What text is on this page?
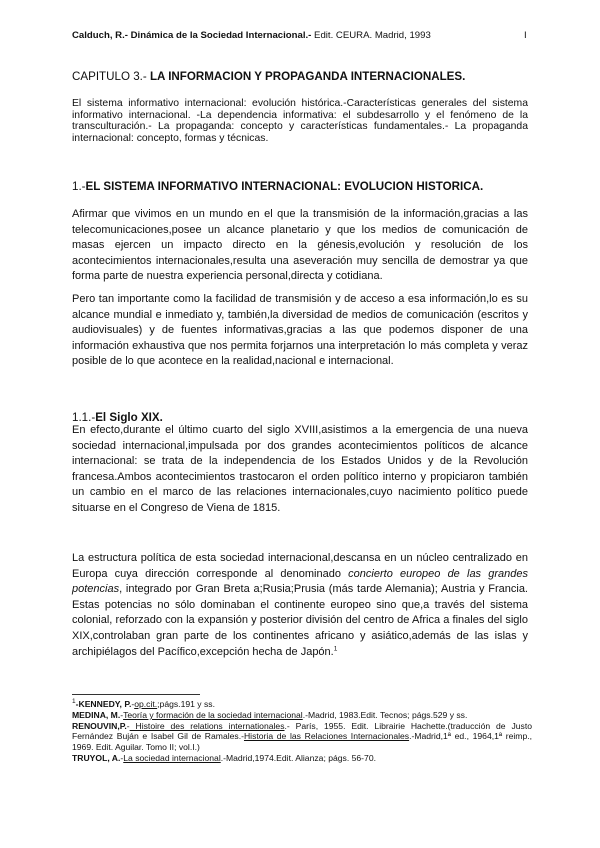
Calduch, R.- Dinámica de la Sociedad Internacional.- Edit. CEURA. Madrid, 1993	I
CAPITULO 3.- LA INFORMACION Y PROPAGANDA INTERNACIONALES.
El sistema informativo internacional: evolución histórica.-Características generales del sistema informativo internacional. -La dependencia informativa: el subdesarrollo y el fenómeno de la transculturación.- La propaganda: concepto y características fundamentales.- La propaganda internacional: concepto, formas y técnicas.
1.-EL SISTEMA INFORMATIVO INTERNACIONAL: EVOLUCION HISTORICA.
Afirmar que vivimos en un mundo en el que la transmisión de la información,gracias a las telecomunicaciones,posee un alcance planetario y que los medios de comunicación de masas ejercen un impacto directo en la génesis,evolución y resolución de los acontecimientos internacionales,resulta una aseveración muy sencilla de demostrar ya que forma parte de nuestra experiencia personal,directa y cotidiana.
Pero tan importante como la facilidad de transmisión y de acceso a esa información,lo es su alcance mundial e inmediato y, también,la diversidad de medios de comunicación (escritos y audiovisuales) y de fuentes informativas,gracias a las que podemos disponer de una información exhaustiva que nos permita forjarnos una interpretación lo más completa y veraz posible de lo que acontece en la realidad,nacional e internacional.
1.1.-El Siglo XIX.
En efecto,durante el último cuarto del siglo XVIII,asistimos a la emergencia de una nueva sociedad internacional,impulsada por dos grandes acontecimientos políticos de alcance internacional: se trata de la independencia de los Estados Unidos y de la Revolución francesa.Ambos acontecimientos trastocaron el orden político interno y propiciaron también un cambio en el marco de las relaciones internacionales,cuyo nacimiento político puede situarse en el Congreso de Viena de 1815.
La estructura política de esta sociedad internacional,descansa en un núcleo centralizado en Europa cuya dirección corresponde al denominado concierto europeo de las grandes potencias, integrado por Gran Breta a;Rusia;Prusia (más tarde Alemania); Austria y Francia. Estas potencias no sólo dominaban el continente europeo sino que,a través del sistema colonial, reforzado con la expansión y posterior división del centro de Africa a finales del siglo XIX,controlaban gran parte de los continentes africano y asiático,además de las islas y archipiélagos del Pacífico,excepción hecha de Japón.$^1$

$^1$-KENNEDY, P.-op.cit.;págs.191 y ss.

MEDINA, M.-Teoría y formación de la sociedad internacional.-Madrid, 1983.Edit. Tecnos; págs.529 y ss.

RENOUVIN,P.- Histoire des relations internationales.- París, 1955. Edit. Librairie Hachette.(traducción de Justo Fernández Buján e Isabel Gil de Ramales.-Historia de las Relaciones Internacionales.-Madrid,1ª ed., 1964,1ª reimp., 1969. Edit. Aguilar. Tomo II; vol.I.)

TRUYOL, A.-La sociedad internacional.-Madrid,1974.Edit. Alianza; págs. 56-70.
